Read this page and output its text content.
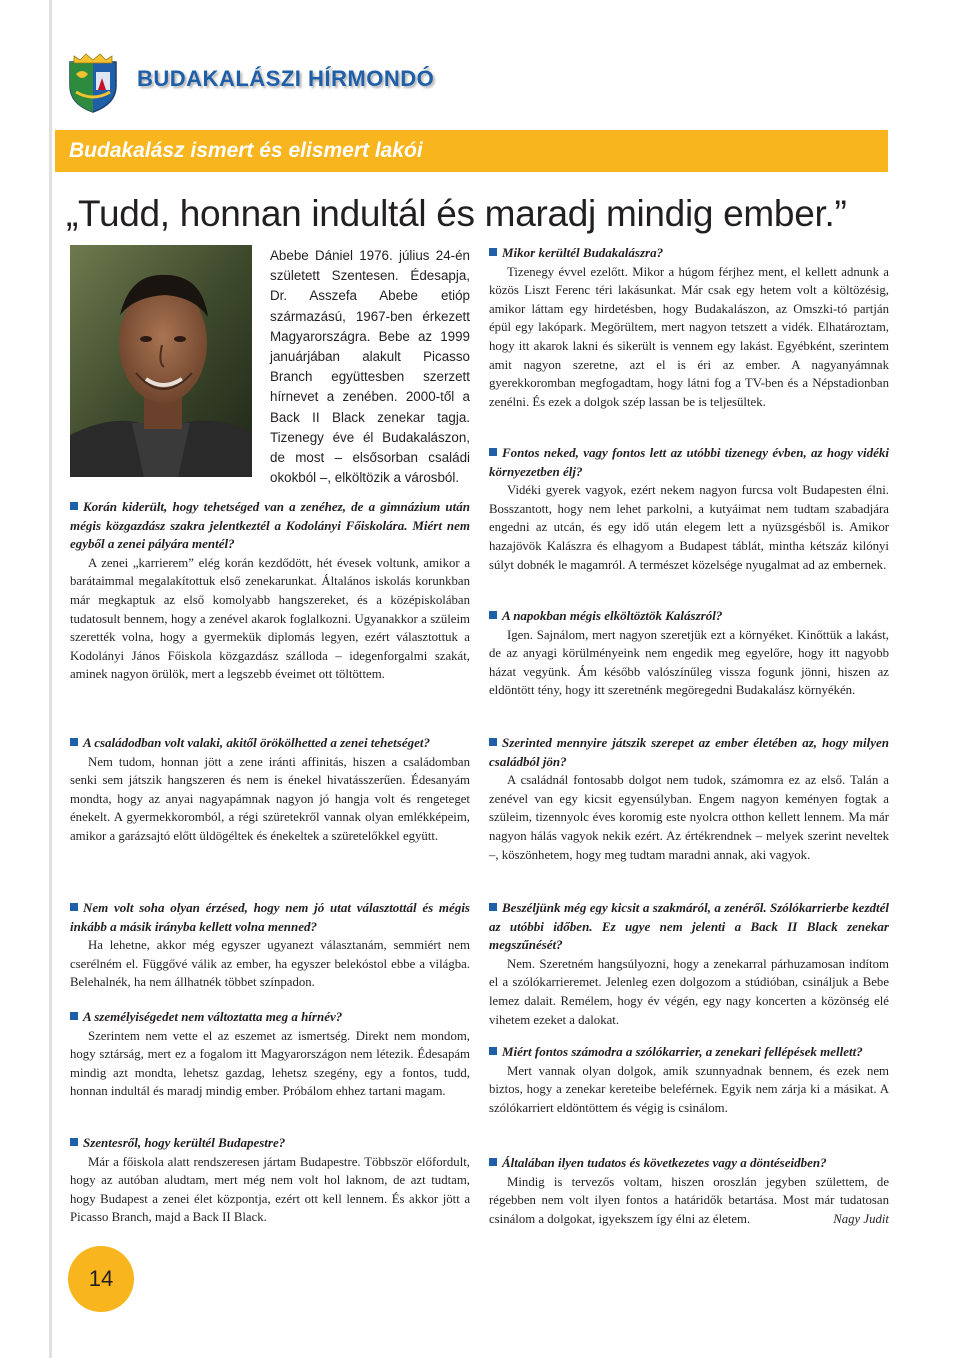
BUDAKALÁSZI HÍRMONDÓ
Budakalász ismert és elismert lakói
„Tudd, honnan indultál és maradj mindig ember.”
Abebe Dániel 1976. július 24-én született Szentesen. Édesapja, Dr. Asszefa Abebe etióp származású, 1967-ben érkezett Magyarországra. Bebe az 1999 januárjában alakult Picasso Branch együttesben szerzett hírnevet a zenében. 2000-től a Back II Black zenekar tagja. Tizenegy éve él Budakalászon, de most – elsősorban családi okokból –, elköltözik a városból.

Korán kiderült, hogy tehetséged van a zenéhez, de a gimnázium után mégis közgazdász szakra jelentkeztél a Kodolányi Főiskolára. Miért nem egyből a zenei pályára mentél?

A zenei „karrierem” elég korán kezdődött, hét évesek voltunk, amikor a barátaimmal megalakítottuk első zenekarunkat. Általános iskolás korunkban már megkaptuk az első komolyabb hangszereket, és a középiskolában tudatosult bennem, hogy a zenével akarok foglalkozni. Ugyanakkor a szüleim szerették volna, hogy a gyermekük diplomás legyen, ezért választottuk a Kodolányi János Főiskola közgazdász szálloda – idegenforgalmi szakát, aminek nagyon örülök, mert a legszebb éveimet ott töltöttem.

A családodban volt valaki, akitől örökölhetted a zenei tehetséget?

Nem tudom, honnan jött a zene iránti affinitás, hiszen a családomban senki sem játszik hangszeren és nem is énekel hivatásszerűen. Édesanyám mondta, hogy az anyai nagyapámnak nagyon jó hangja volt és rengeteget énekelt. A gyermekkoromból, a régi szüretekről vannak olyan emlékképeim, amikor a garázsajtó előtt üldögéltek és énekeltek a szüretelőkkel együtt.

Nem volt soha olyan érzésed, hogy nem jó utat választottál és mégis inkább a másik irányba kellett volna menned?

Ha lehetne, akkor még egyszer ugyanezt választanám, semmiért nem cserélném el. Függővé válik az ember, ha egyszer belekóstol ebbe a világba. Belehalnék, ha nem állhatnék többet színpadon.

A személyiségedet nem változtatta meg a hírnév?

Szerintem nem vette el az eszemet az ismertség. Direkt nem mondom, hogy sztárság, mert ez a fogalom itt Magyarországon nem létezik. Édesapám mindig azt mondta, lehetsz gazdag, lehetsz szegény, egy a fontos, tudd, honnan indultál és maradj mindig ember. Próbálom ehhez tartani magam.

Szentesről, hogy kerültél Budapestre?

Már a főiskola alatt rendszeresen jártam Budapestre. Többször előfordult, hogy az autóban aludtam, mert még nem volt hol laknom, de azt tudtam, hogy Budapest a zenei élet központja, ezért ott kell lennem. És akkor jött a Picasso Branch, majd a Back II Black.

Mikor kerültél Budakalászra?

Tizenegy évvel ezelőtt. Mikor a húgom férjhez ment, el kellett adnunk a közös Liszt Ferenc téri lakásunkat. Már csak egy hetem volt a költözésig, amikor láttam egy hirdetésben, hogy Budakalászon, az Omszki-tó partján épül egy lakópark. Megörültem, mert nagyon tetszett a vidék. Elhatároztam, hogy itt akarok lakni és sikerült is vennem egy lakást. Egyébként, szerintem amit nagyon szeretne, azt el is éri az ember. A nagyanyámnak gyerekkoromban megfogadtam, hogy látni fog a TV-ben és a Népstadionban zenélni. És ezek a dolgok szép lassan be is teljesültek.

Fontos neked, vagy fontos lett az utóbbi tizenegy évben, az hogy vidéki környezetben élj?

Vidéki gyerek vagyok, ezért nekem nagyon furcsa volt Budapesten élni. Bosszantott, hogy nem lehet parkolni, a kutyáimat nem tudtam szabadjára engedni az utcán, és egy idő után elegem lett a nyüzsgésből is. Amikor hazajövök Kalászra és elhagyom a Budapest táblát, mintha kétszáz kilónyi súlyt dobnék le magamról. A természet közelsége nyugalmat ad az embernek.

A napokban mégis elköltöztök Kalászról?

Igen. Sajnálom, mert nagyon szeretjük ezt a környéket. Kinőttük a lakást, de az anyagi körülményeink nem engedik meg egyelőre, hogy itt nagyobb házat vegyünk. Ám később valószínűleg vissza fogunk jönni, hiszen az eldöntött tény, hogy itt szeretnénk megöregedni Budakalász környékén.

Szerinted mennyire játszik szerepet az ember életében az, hogy milyen családból jön?

A családnál fontosabb dolgot nem tudok, számomra ez az első. Talán a zenével van egy kicsit egyensúlyban. Engem nagyon keményen fogtak a szüleim, tizennyolc éves koromig este nyolcra otthon kellett lennem. Ma már nagyon hálás vagyok nekik ezért. Az értékrendnek – melyek szerint neveltek –, köszönhetem, hogy meg tudtam maradni annak, aki vagyok.

Beszéljünk még egy kicsit a szakmáról, a zenéről. Szólókarrierbe kezdtél az utóbbi időben. Ez ugye nem jelenti a Back II Black zenekar megszűnését?

Nem. Szeretném hangsúlyozni, hogy a zenekarral párhuzamosan indítom el a szólókarrieremet. Jelenleg ezen dolgozom a stúdióban, csináljuk a Bebe lemez dalait. Remélem, hogy év végén, egy nagy koncerten a közönség elé vihetem ezeket a dalokat.

Miért fontos számodra a szólókarrier, a zenekari fellépések mellett?

Mert vannak olyan dolgok, amik szunnyadnak bennem, és ezek nem biztos, hogy a zenekar kereteibe beleférnek. Egyik nem zárja ki a másikat. A szólókarriert eldöntöttem és végig is csinálom.

Általában ilyen tudatos és következetes vagy a döntéseidben?

Mindig is tervezős voltam, hiszen oroszlán jegyben születtem, de régebben nem volt ilyen fontos a határidők betartása. Most már tudatosan csinálom a dolgokat, igyekszem így élni az életem.	Nagy Judit

14
